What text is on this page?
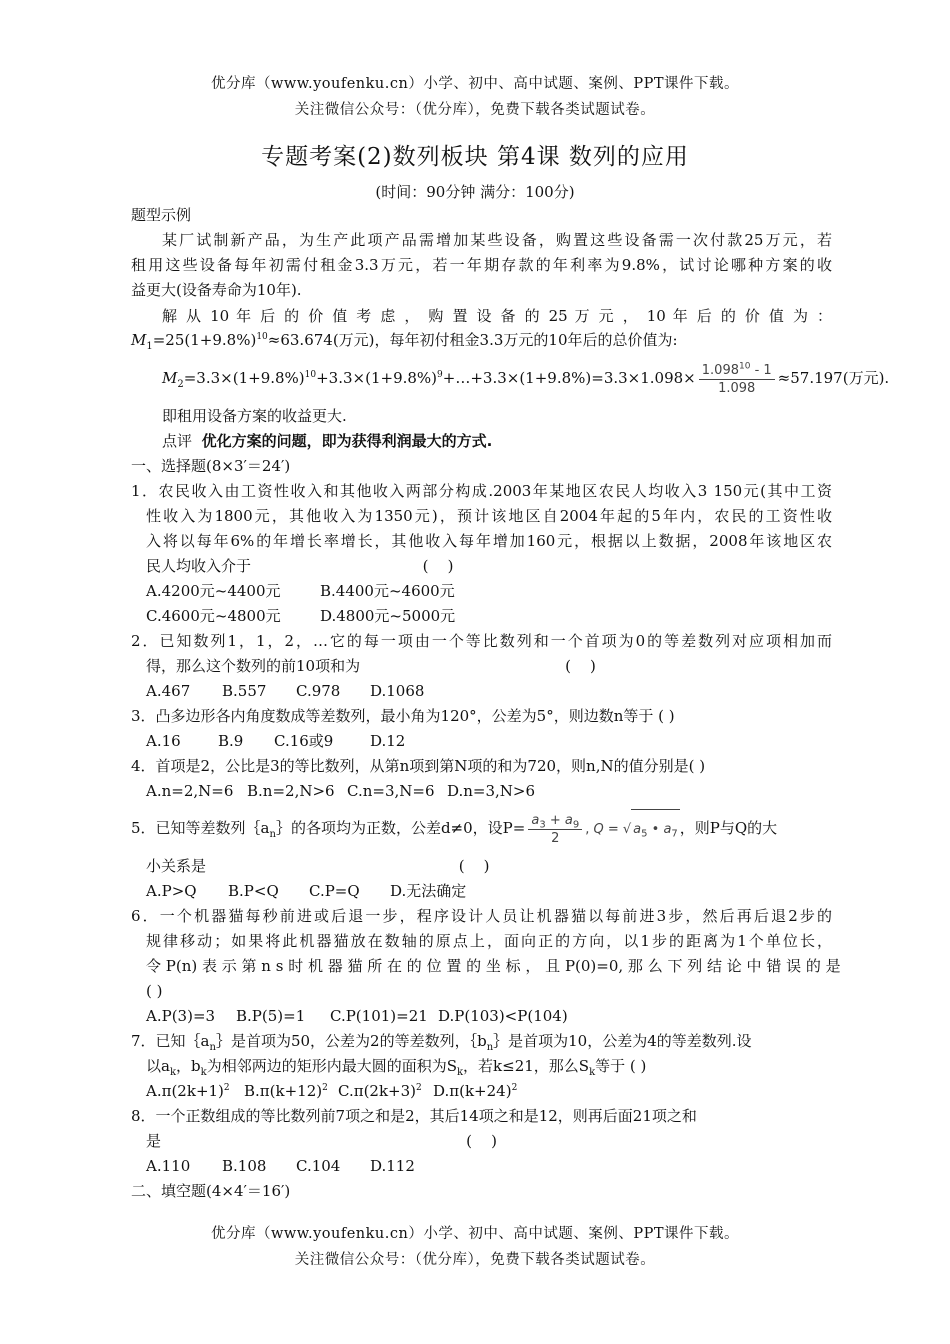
优分库（www.youfenku.cn）小学、初中、高中试题、案例、PPT课件下载。
关注微信公众号：（优分库），免费下载各类试题试卷。
专题考案(2)数列板块 第4课 数列的应用
(时间：90分钟 满分：100分)
题型示例
某厂试制新产品，为生产此项产品需增加某些设备，购置这些设备需一次付款25万元，若
租用这些设备每年初需付租金3.3万元，若一年期存款的年利率为9.8%，试讨论哪种方案的收
益更大(设备寿命为10年).
解 从 10 年 后 的 价 值 考 虑 ， 购 置 设 备 的 25 万 元 ， 10 年 后 的 价 值 为 ：
$M_1=25(1+9.8\%)^{10}\approx 63.674$(万元)，每年初付租金3.3万元的10年后的总价值为:
$M_2=3.3\times(1+9.8\%)^{10}+3.3\times(1+9.8\%)^9+\dots+3.3\times(1+9.8\%)=3.3\times 1.098\times \frac{1.098^{10} - 1}{1.098} \approx 57.197$(万元).
即租用设备方案的收益更大.
点评 优化方案的问题，即为获得利润最大的方式.
一、选择题(8×3′＝24′)
1．农民收入由工资性收入和其他收入两部分构成.2003年某地区农民人均收入3 150元(其中工资
性收入为1800元，其他收入为1350元)，预计该地区自2004年起的5年内，农民的工资性收
入将以每年6%的年增长率增长，其他收入每年增加160元，根据以上数据，2008年该地区农
民人均收入介于                                    (    )
A.4200元~4400元	B.4400元~4600元
C.4600元~4800元	D.4800元~5000元
2．已知数列1，1，2，…它的每一项由一个等比数列和一个首项为0的等差数列对应项相加而
得，那么这个数列的前10项和为                                           (    )
A.467 B.557 C.978 D.1068
3．凸多边形各内角度数成等差数列，最小角为120°，公差为5°，则边数n等于 ( )
A.16 B.9 C.16或9 D.12
4．首项是2，公比是3的等比数列，从第n项到第N项的和为720，则n,N的值分别是( )
A.n=2,N=6 B.n=2,N>6 C.n=3,N=6 D.n=3,N>6
5．已知等差数列$\{a_n\}$的各项均为正数，公差d≠0，设$P= \frac{a_3 + a_9}{2}$ , Q = √ $a_5$ • $a_7$ ，则P与Q的大
小关系是                                                     (    )
A.P>Q B.P<Q C.P=Q D.无法确定
6．一个机器猫每秒前进或后退一步，程序设计人员让机器猫以每前进3步，然后再后退2步的
规律移动；如果将此机器猫放在数轴的原点上，面向正的方向，以1步的距离为1个单位长，
令 P(n) 表 示 第 n s 时 机 器 猫 所 在 的 位 置 的 坐 标 ， 且 P(0)=0, 那 么 下 列 结 论 中 错 误 的 是
( )
A.P(3)=3 B.P(5)=1 C.P(101)=21 D.P(103)<P(104)
7．已知$\{a_n\}$是首项为50，公差为2的等差数列，$\{b_n\}$是首项为10，公差为4的等差数列.设
以$a_k$，$b_k$为相邻两边的矩形内最大圆的面积为$S_k$，若k≤21，那么$S_k$等于 ( )
$A.\pi(2k+1)^2$ $B.\pi(k+12)^2$ $C.\pi(2k+3)^2$ $D.\pi(k+24)^2$
8．一个正数组成的等比数列前7项之和是2，其后14项之和是12，则再后面21项之和
是                                                                (    )
A.110 B.108 C.104 D.112
二、填空题(4×4′＝16′)
优分库（www.youfenku.cn）小学、初中、高中试题、案例、PPT课件下载。
关注微信公众号：（优分库），免费下载各类试题试卷。
